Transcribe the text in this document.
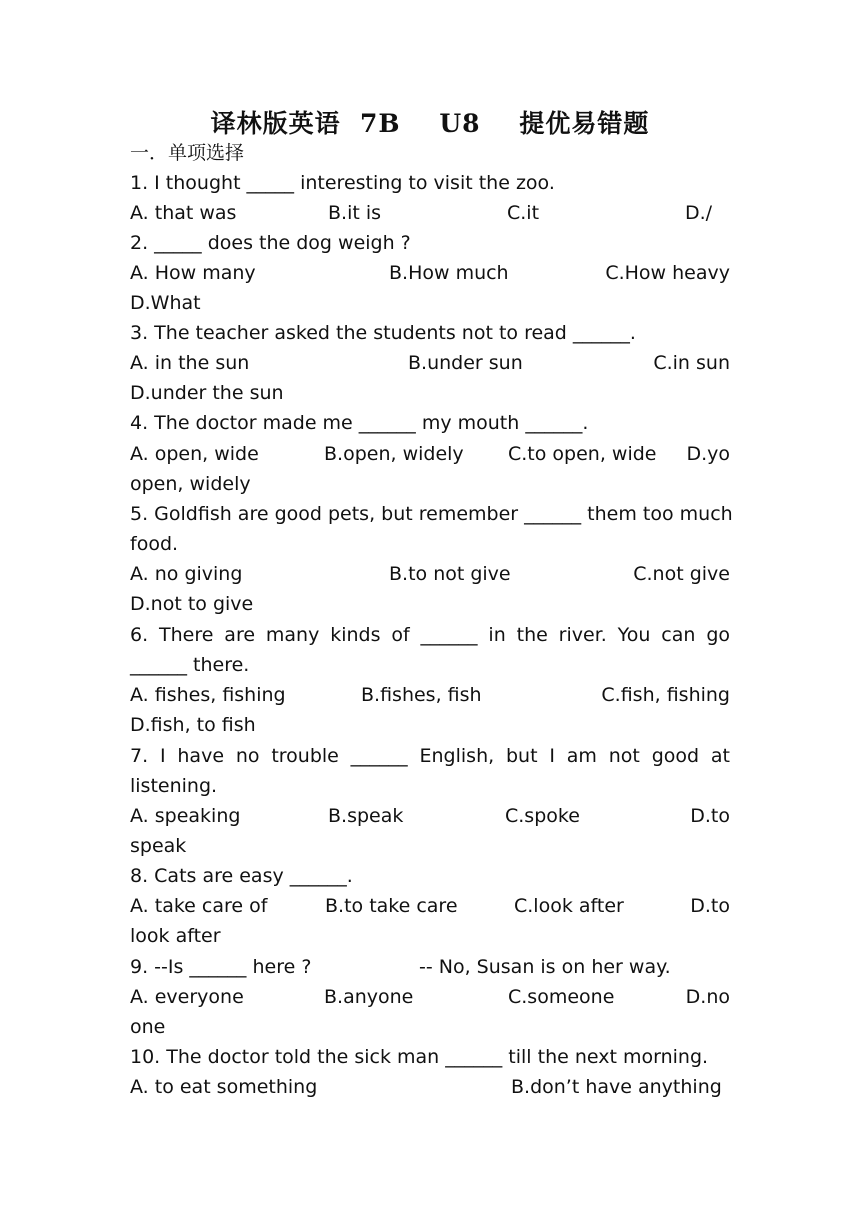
译林版英语  7B    U8    提优易错题
一．单项选择
1. I thought _____ interesting to visit the zoo.
A. that was	B.it is	C.it	D./
2. _____ does the dog weigh ?
A. How many	B.How much	C.How heavy
D.What
3. The teacher asked the students not to read ______.
A. in the sun	B.under sun	C.in sun
D.under the sun
4. The doctor made me ______ my mouth ______.
A. open, wide	B.open, widely C.to open, wide D.yo
open, widely
5. Goldfish are good pets, but remember ______ them too much
food.
A. no giving	B.to not give	C.not give
D.not to give
6. There are many kinds of ______ in the river. You can go
______ there.
A. fishes, fishing	B.fishes, fish	C.fish, fishing
D.fish, to fish
7. I have no trouble ______ English, but I am not good at
listening.
A. speaking	B.speak	C.spoke	D.to
speak
8. Cats are easy ______.
A. take care of	B.to take care	C.look after	D.to
look after
9. --Is ______ here ?	-- No, Susan is on her way.
A. everyone	B.anyone	C.someone	D.no
one
10. The doctor told the sick man ______ till the next morning.
A. to eat something	B.don’t have anything
